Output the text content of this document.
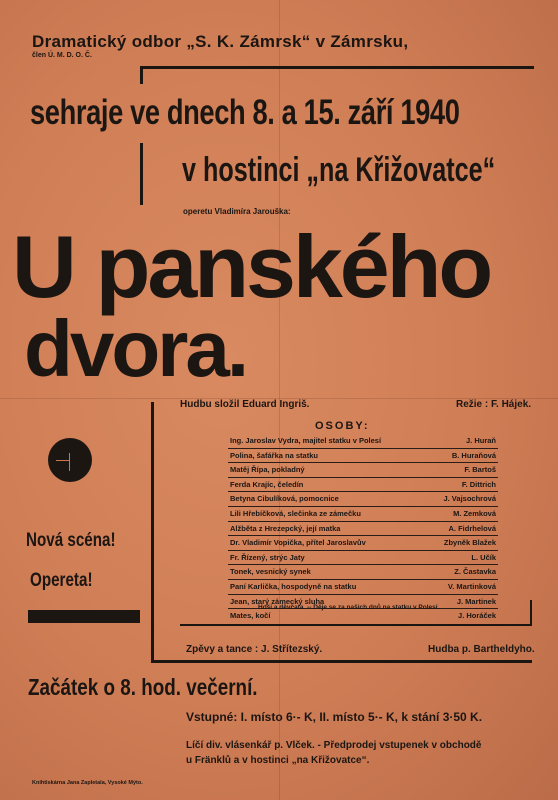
Dramatický odbor „S. K. Zámrsk“ v Zámrsku,
člen Ú. M. D. O. Č.
sehraje ve dnech 8. a 15. září 1940
v hostinci „na Křižovatce“
operetu Vladimíra Jarouška:
U panského
dvora.
Hudbu složil Eduard Ingriš.	Režie : F. Hájek.
Nová scéna!
Opereta!
OSOBY:
Ing. Jaroslav Vydra, majitel statku v Polesí	J. Huraň
Polina, šafářka na statku	B. Huraňová
Matěj Řípa, pokladný	F. Bartoš
Ferda Krajíc, čeledín	F. Dittrich
Betyna Cibulíková, pomocnice	J. Vajsochrová
Lili Hřebíčková, slečinka ze zámečku	M. Zemková
Alžběta z Hrezepcký, její matka	A. Fidrhelová
Dr. Vladimír Vopička, přítel Jaroslavův	Zbyněk Blažek
Fr. Řízený, strýc Jaty	L. Učík
Tonek, vesnický synek	Z. Častavka
Paní Karlička, hospodyně na statku	V. Martinková
Jean, starý zámecký sluha	J. Martinek
Mates, kočí	J. Horáček
Hoši a děvčata. -- Děje se za našich dnů na statku v Polesí.
Zpěvy a tance : J. Střítezský.	Hudba p. Bartheldyho.
Začátek o 8. hod. večerní.
Vstupné: I. místo 6·- K, II. místo 5·- K, k stání 3·50 K.
Líčí div. vlásenkář p. Vlček. - Předprodej vstupenek v obchodě
u Fränklů a v hostinci „na Křižovatce“.
Knihtiskárna Jana Zapletala, Vysoké Mýto.
